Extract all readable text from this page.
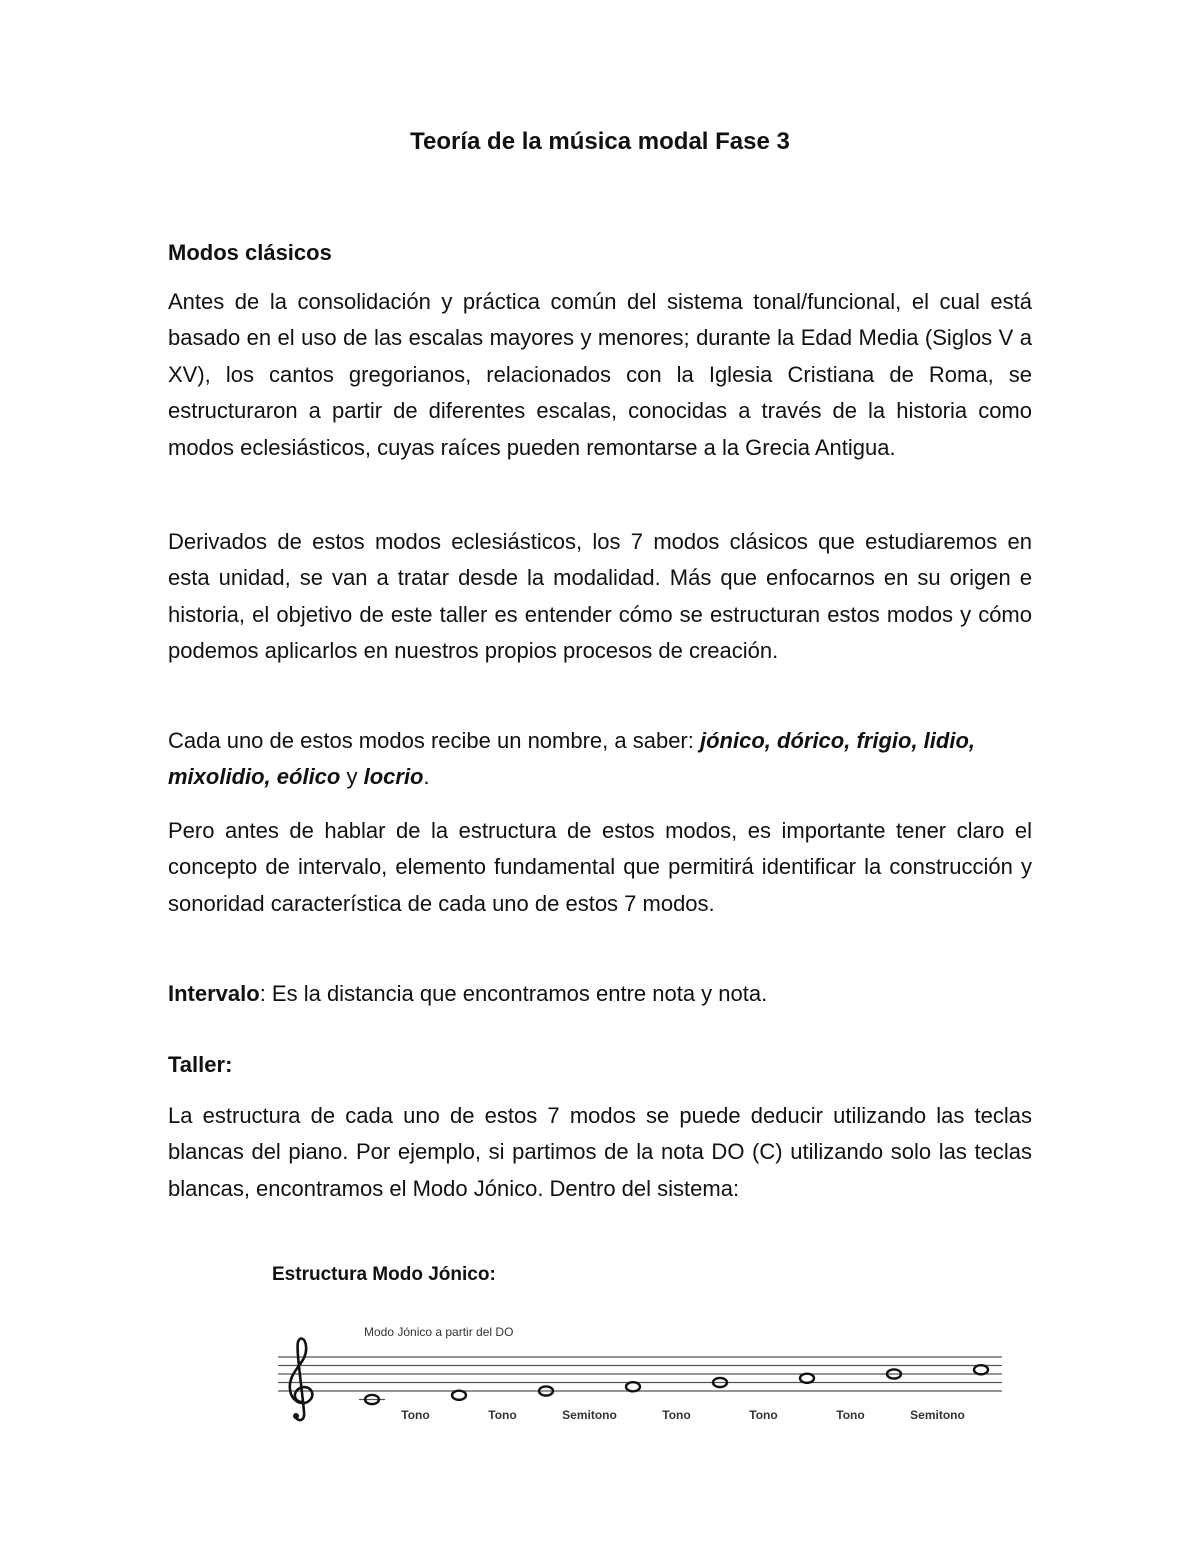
Teoría de la música modal Fase 3
Modos clásicos

Antes de la consolidación y práctica común del sistema tonal/funcional, el cual está basado en el uso de las escalas mayores y menores; durante la Edad Media (Siglos V a XV), los cantos gregorianos, relacionados con la Iglesia Cristiana de Roma, se estructuraron a partir de diferentes escalas, conocidas a través de la historia como modos eclesiásticos, cuyas raíces pueden remontarse a la Grecia Antigua.

Derivados de estos modos eclesiásticos, los 7 modos clásicos que estudiaremos en esta unidad, se van a tratar desde la modalidad. Más que enfocarnos en su origen e historia, el objetivo de este taller es entender cómo se estructuran estos modos y cómo podemos aplicarlos en nuestros propios procesos de creación.

Cada uno de estos modos recibe un nombre, a saber: jónico, dórico, frigio, lidio, mixolidio, eólico y locrio.

Pero antes de hablar de la estructura de estos modos, es importante tener claro el concepto de intervalo, elemento fundamental que permitirá identificar la construcción y sonoridad característica de cada uno de estos 7 modos.

Intervalo: Es la distancia que encontramos entre nota y nota.

Taller:

La estructura de cada uno de estos 7 modos se puede deducir utilizando las teclas blancas del piano. Por ejemplo, si partimos de la nota DO (C) utilizando solo las teclas blancas, encontramos el Modo Jónico. Dentro del sistema:

Estructura Modo Jónico:

Modo Jónico a partir del DO
Tono	Tono	Semitono	Tono	Tono	Tono	Semitono
